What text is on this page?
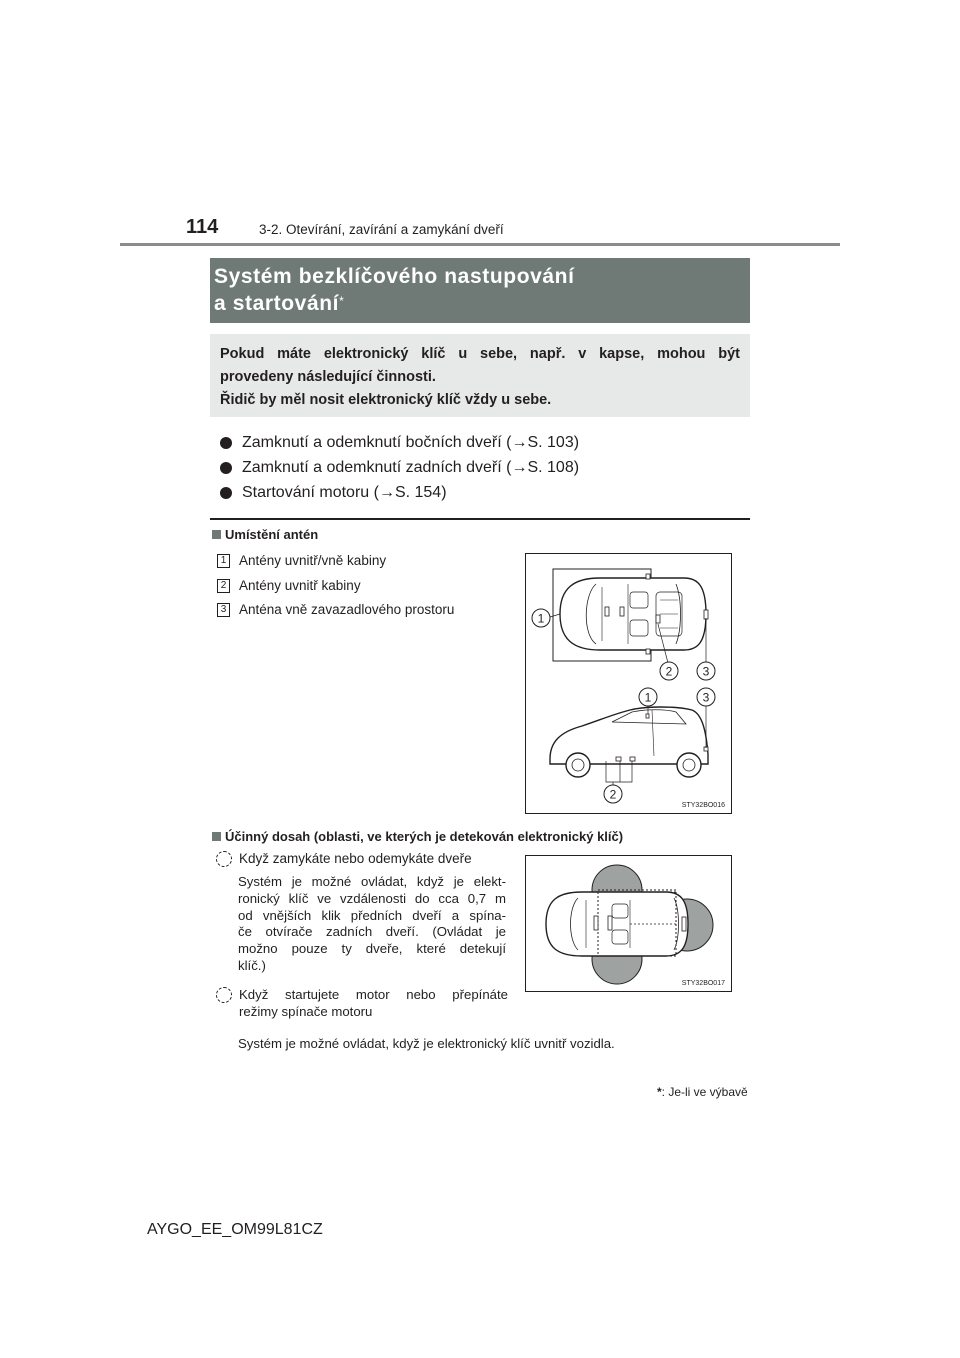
114	3-2. Otevírání, zavírání a zamykání dveří
Systém bezklíčového nastupování
a startování*
Pokud máte elektronický klíč u sebe, např. v kapse, mohou být
provedeny následující činnosti.
Řidič by měl nosit elektronický klíč vždy u sebe.
Zamknutí a odemknutí bočních dveří (→S. 103)
Zamknutí a odemknutí zadních dveří (→S. 108)
Startování motoru (→S. 154)
Umístění antén
1 Antény uvnitř/vně kabiny
2 Antény uvnitř kabiny
3 Anténa vně zavazadlového prostoru
1
2	3
1	3
2
STY32BO016
Účinný dosah (oblasti, ve kterých je detekován elektronický klíč)
Když zamykáte nebo odemykáte dveře
Systém je možné ovládat, když je elekt-
ronický klíč ve vzdálenosti do cca 0,7 m
od vnějších klik předních dveří a spína-
če otvírače zadních dveří. (Ovládat je
možno pouze ty dveře, které detekují
klíč.)
Když startujete motor nebo přepínáte
režimy spínače motoru
Systém je možné ovládat, když je elektronický klíč uvnitř vozidla.
STY32BO017
*: Je-li ve výbavě
AYGO_EE_OM99L81CZ
